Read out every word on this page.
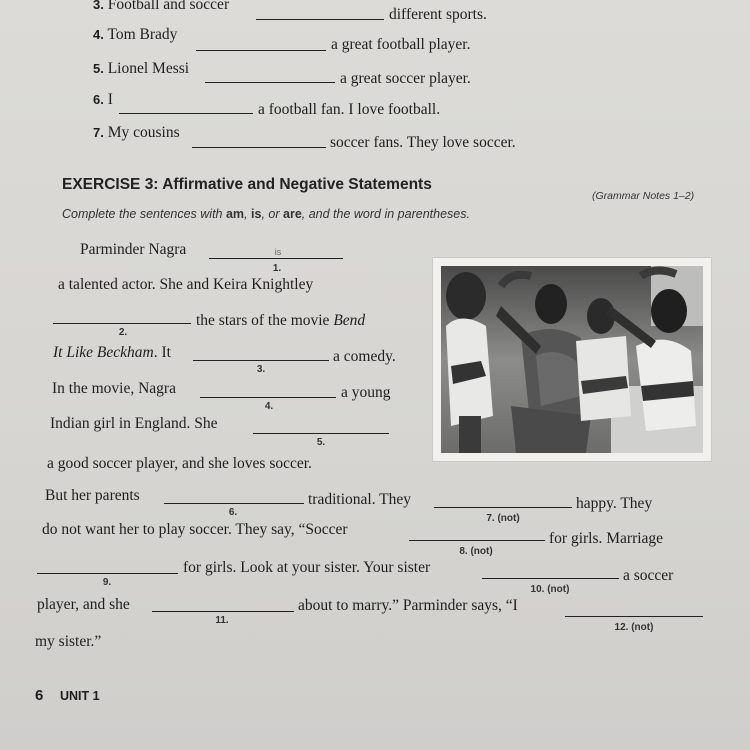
3. Football and soccer
different sports.
4. Tom Brady
a great football player.
5. Lionel Messi
a great soccer player.
6. I
a football fan. I love football.
7. My cousins
soccer fans. They love soccer.
EXERCISE 3: Affirmative and Negative Statements
(Grammar Notes 1–2)
Complete the sentences with am, is, or are, and the word in parentheses.
Parminder Nagra	is
1.
a talented actor. She and Keira Knightley
2.
the stars of the movie Bend
It Like Beckham. It
3.
a comedy.
In the movie, Nagra
4.
a young
Indian girl in England. She
5.
a good soccer player, and she loves soccer.
But her parents
6.
traditional. They
7. (not)
happy. They
do not want her to play soccer. They say, “Soccer
8. (not)
for girls. Marriage
9.
for girls. Look at your sister. Your sister
10. (not)
a soccer
player, and she
11.
about to marry.” Parminder says, “I
12. (not)
my sister.”
6 UNIT 1
